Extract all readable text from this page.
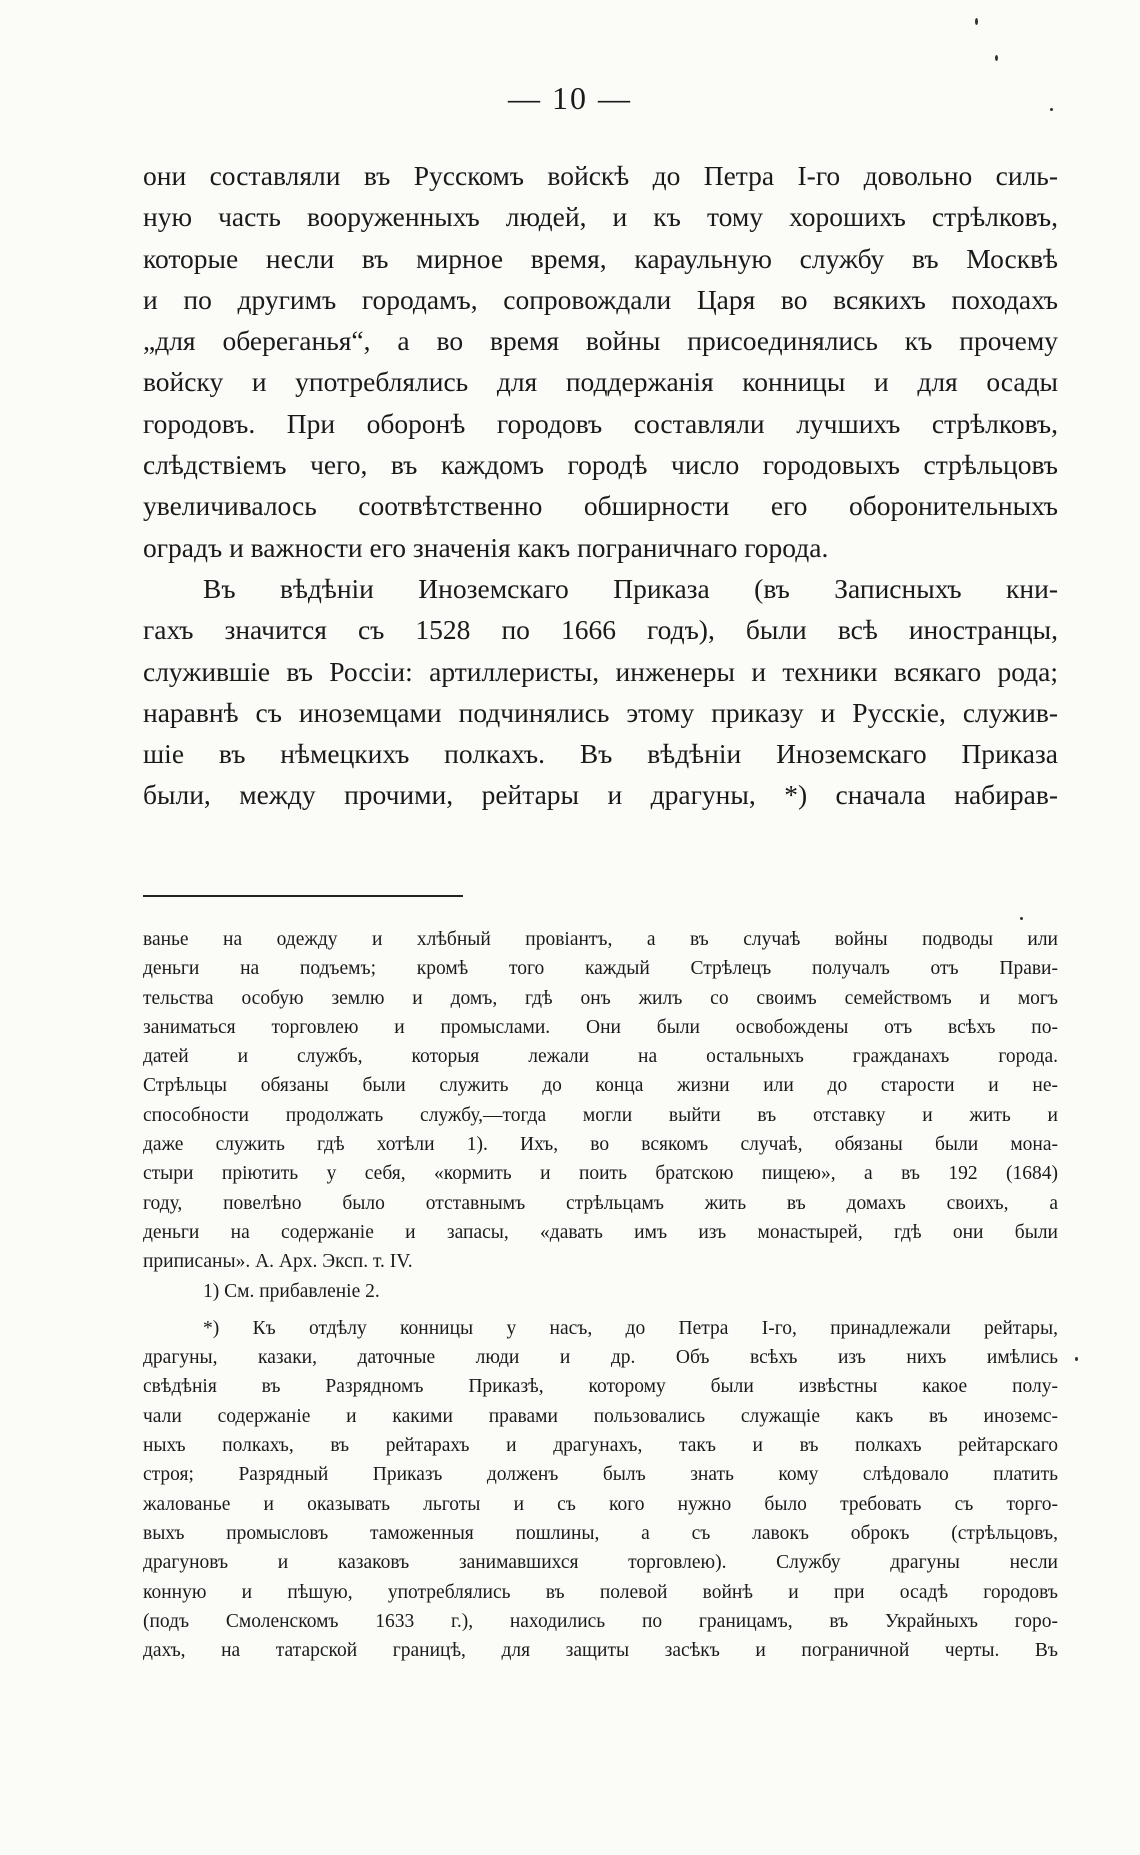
— 10 —
они составляли въ Русскомъ войскѣ до Петра I-го довольно силь-
ную часть вооруженныхъ людей, и къ тому хорошихъ стрѣлковъ,
которые несли въ мирное время, караульную службу въ Москвѣ
и по другимъ городамъ, сопровождали Царя во всякихъ походахъ
„для обереганья“, а во время войны присоединялись къ прочему
войску и употреблялись для поддержанія конницы и для осады
городовъ. При оборонѣ городовъ составляли лучшихъ стрѣлковъ,
слѣдствіемъ чего, въ каждомъ городѣ число городовыхъ стрѣльцовъ
увеличивалось соотвѣтственно обширности его оборонительныхъ
оградъ и важности его значенія какъ пограничнаго города.
Въ вѣдѣніи Иноземскаго Приказа (въ Записныхъ кни-
гахъ значится съ 1528 по 1666 годъ), были всѣ иностранцы,
служившіе въ Россіи: артиллеристы, инженеры и техники всякаго рода;
наравнѣ съ иноземцами подчинялись этому приказу и Русскіе, служив-
шіе въ нѣмецкихъ полкахъ. Въ вѣдѣніи Иноземскаго Приказа
были, между прочими, рейтары и драгуны, *) сначала набирав-
ванье на одежду и хлѣбный провіантъ, а въ случаѣ войны подводы или
деньги на подъемъ; кромѣ того каждый Стрѣлецъ получалъ отъ Прави-
тельства особую землю и домъ, гдѣ онъ жилъ со своимъ семействомъ и могъ
заниматься торговлею и промыслами. Они были освобождены отъ всѣхъ по-
датей и службъ, которыя лежали на остальныхъ гражданахъ города.
Стрѣльцы обязаны были служить до конца жизни или до старости и не-
способности продолжать службу,—тогда могли выйти въ отставку и жить и
даже служить гдѣ хотѣли 1). Ихъ, во всякомъ случаѣ, обязаны были мона-
стыри пріютить у себя, «кормить и поить братскою пищею», а въ 192 (1684)
году, повелѣно было отставнымъ стрѣльцамъ жить въ домахъ своихъ, а
деньги на содержаніе и запасы, «давать имъ изъ монастырей, гдѣ они были
приписаны». А. Арх. Эксп. т. IV.
1) См. прибавленіе 2.
*) Къ отдѣлу конницы у насъ, до Петра I-го, принадлежали рейтары,
драгуны, казаки, даточные люди и др. Объ всѣхъ изъ нихъ имѣлись
свѣдѣнія въ Разрядномъ Приказѣ, которому были извѣстны какое полу-
чали содержаніе и какими правами пользовались служащіе какъ въ иноземс-
ныхъ полкахъ, въ рейтарахъ и драгунахъ, такъ и въ полкахъ рейтарскаго
строя; Разрядный Приказъ долженъ былъ знать кому слѣдовало платить
жалованье и оказывать льготы и съ кого нужно было требовать съ торго-
выхъ промысловъ таможенныя пошлины, а съ лавокъ оброкъ (стрѣльцовъ,
драгуновъ и казаковъ занимавшихся торговлею). Службу драгуны несли
конную и пѣшую, употреблялись въ полевой войнѣ и при осадѣ городовъ
(подъ Смоленскомъ 1633 г.), находились по границамъ, въ Украйныхъ горо-
дахъ, на татарской границѣ, для защиты засѣкъ и пограничной черты. Въ
